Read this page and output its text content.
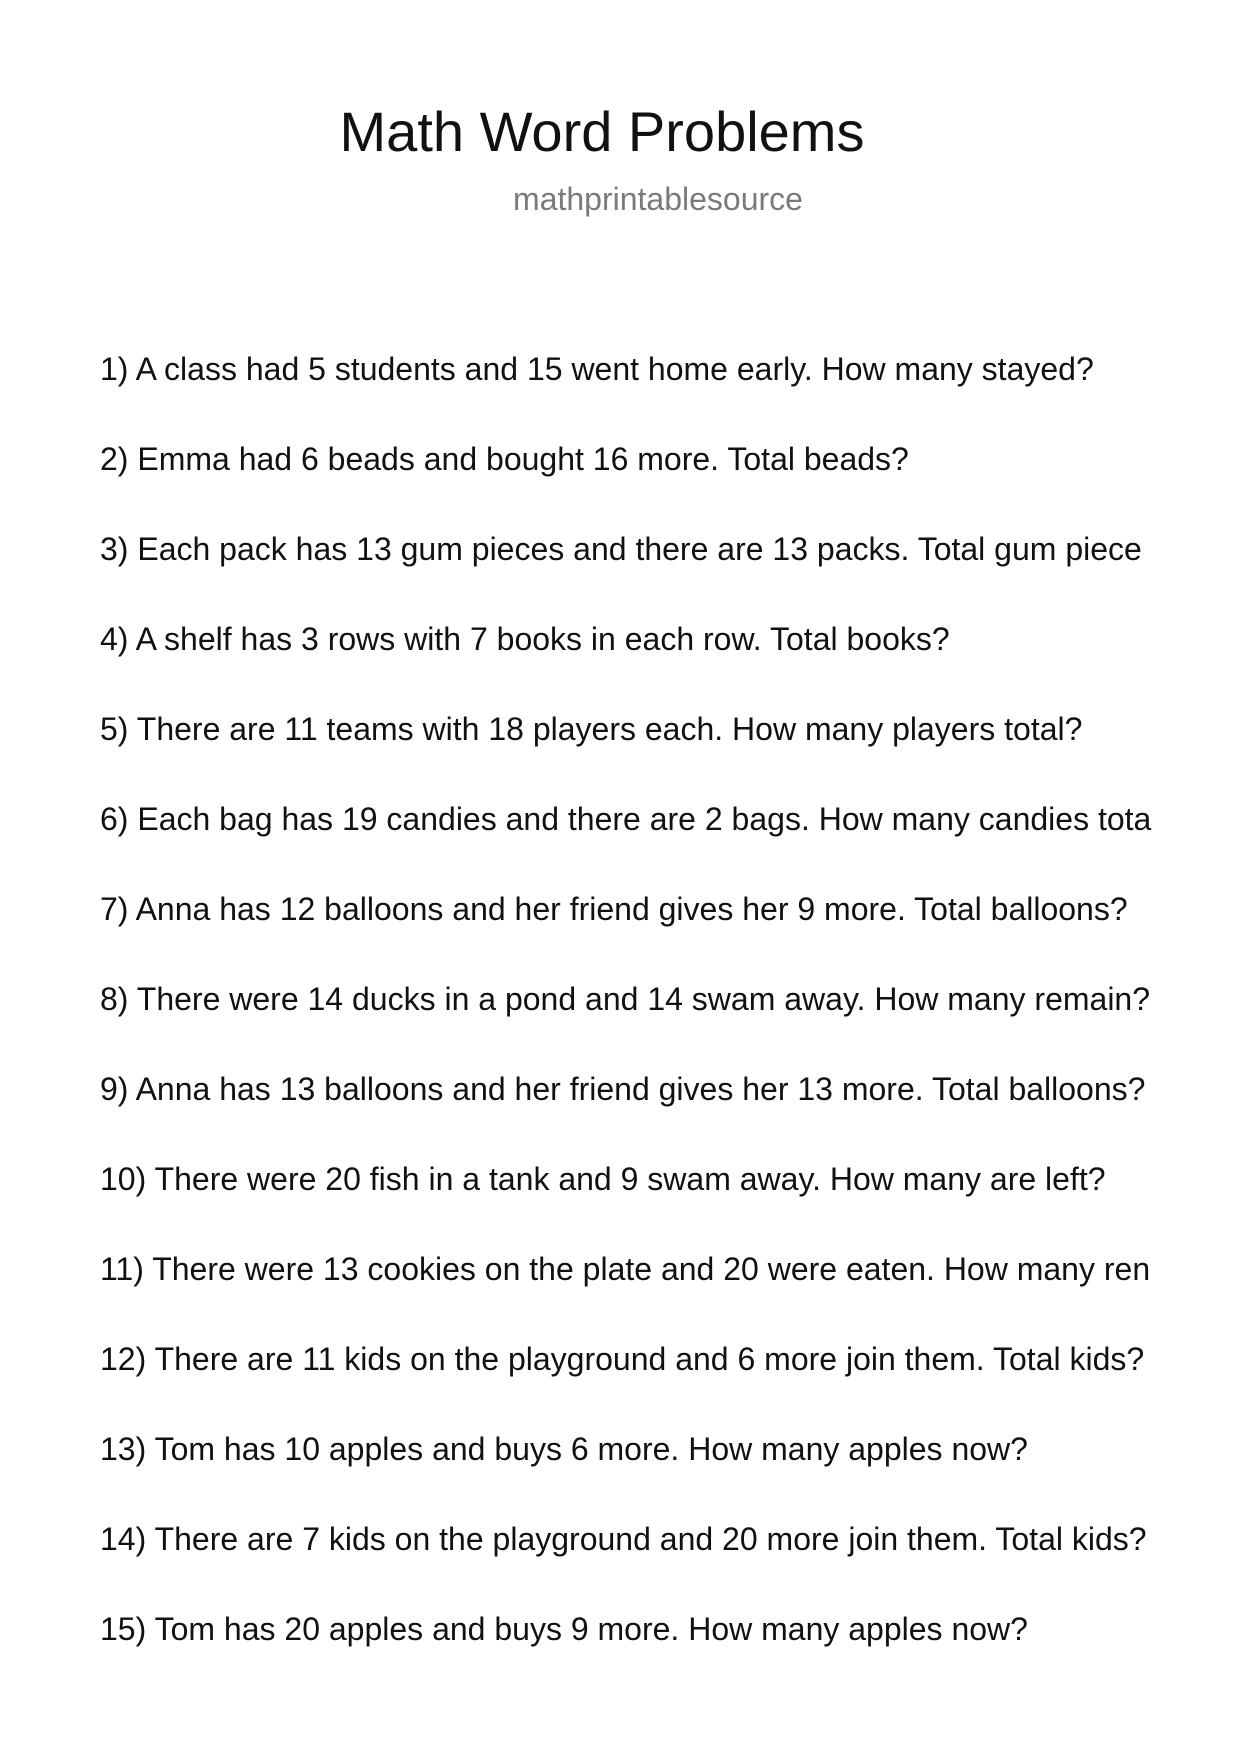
Math Word Problems
mathprintablesource
1) A class had 5 students and 15 went home early. How many stayed?
2) Emma had 6 beads and bought 16 more. Total beads?
3) Each pack has 13 gum pieces and there are 13 packs. Total gum piece
4) A shelf has 3 rows with 7 books in each row. Total books?
5) There are 11 teams with 18 players each. How many players total?
6) Each bag has 19 candies and there are 2 bags. How many candies tota
7) Anna has 12 balloons and her friend gives her 9 more. Total balloons?
8) There were 14 ducks in a pond and 14 swam away. How many remain?
9) Anna has 13 balloons and her friend gives her 13 more. Total balloons?
10) There were 20 fish in a tank and 9 swam away. How many are left?
11) There were 13 cookies on the plate and 20 were eaten. How many ren
12) There are 11 kids on the playground and 6 more join them. Total kids?
13) Tom has 10 apples and buys 6 more. How many apples now?
14) There are 7 kids on the playground and 20 more join them. Total kids?
15) Tom has 20 apples and buys 9 more. How many apples now?
